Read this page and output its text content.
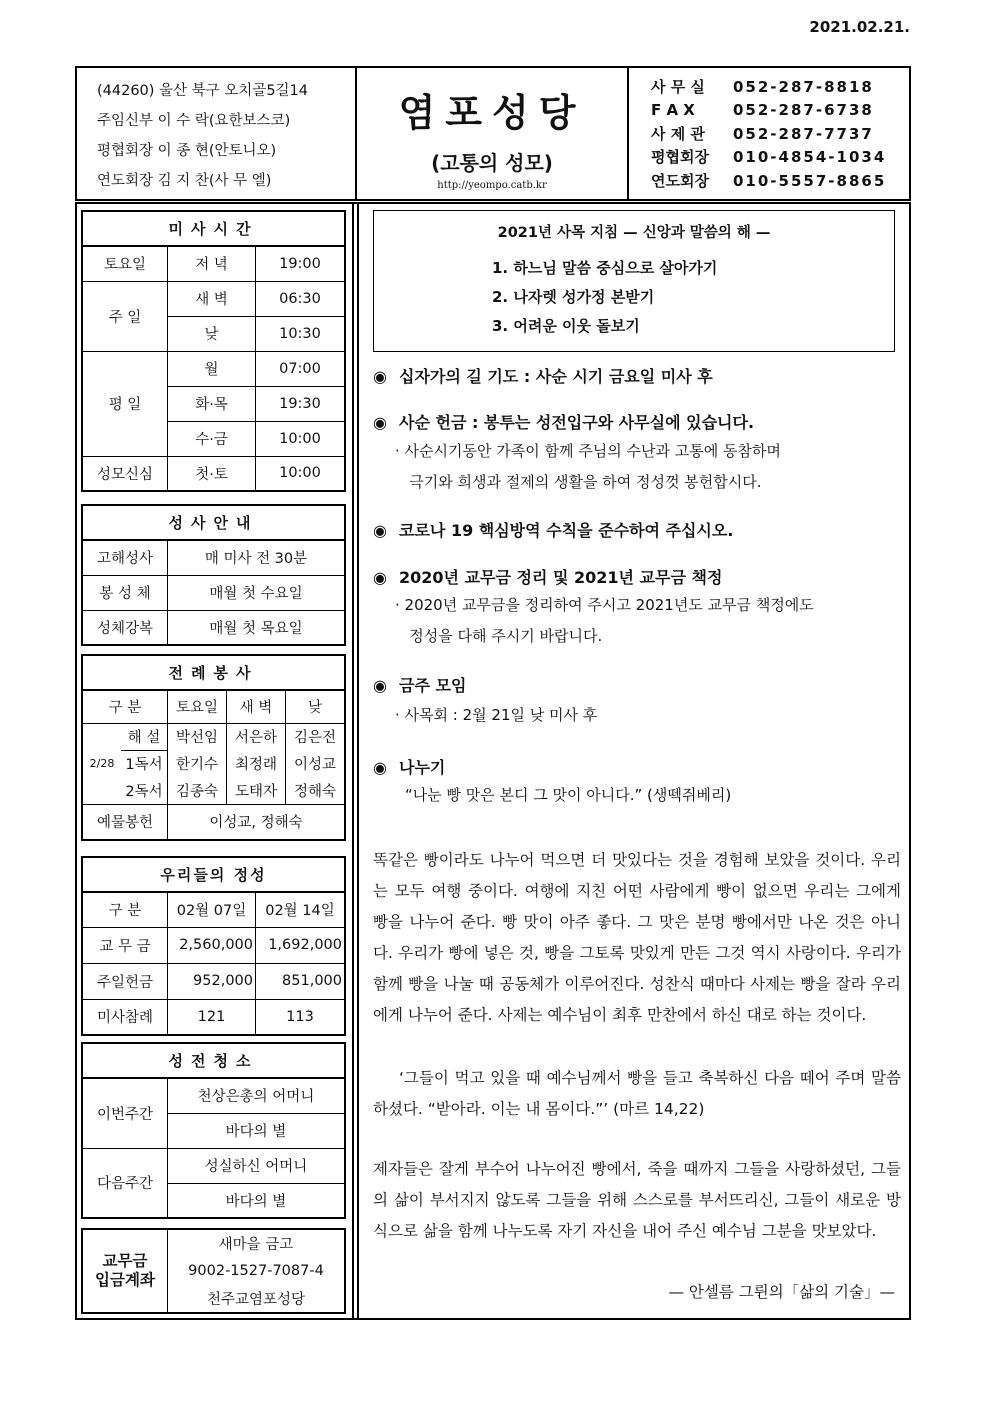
2021.02.21.
(44260) 울산 북구 오치골5길14
주임신부 이 수 락(요한보스코)
평협회장 이 종 현(안토니오)
연도회장 김 지 찬(사 무 엘)
염포성당
(고통의 성모)
http://yeompo.catb.kr
사 무 실 052-287-8818
F A X	052-287-6738
사 제 관 052-287-7737
평협회장 010-4854-1034
연도회장 010-5557-8865
미사시간		
토요일	저 녁	19:00
주 일	새 벽	06:30
	낮	10:30
평 일	월	07:00
	화·목	19:30
	수·금	10:00
성모신심	첫·토	10:00
성사안내	
고해성사	매 미사 전 30분
봉 성 체	매월 첫 수요일
성체강복	매월 첫 목요일
전례봉사				
구 분		토요일	새 벽	낮
2/28	해 설	박선임	서은하	김은전
	1독서	한기수	최정래	이성교
	2독서	김종숙	도태자	정해숙
예물봉헌		이성교, 정해숙		
우리들의 정성		
구 분	02월 07일	02월 14일
교 무 금	2,560,000	1,692,000
주일헌금	952,000	851,000
미사참례	121	113
성전청소	
이번주간	천상은총의 어머니
	바다의 별
다음주간	성실하신 어머니
	바다의 별
교무금
입금계좌	새마을 금고
9002-1527-7087-4
천주교염포성당
2021년 사목 지침 — 신앙과 말씀의 해 —
1. 하느님 말씀 중심으로 살아가기
2. 나자렛 성가정 본받기
3. 어려운 이웃 돌보기
◉ 십자가의 길 기도 : 사순 시기 금요일 미사 후
◉ 사순 헌금 : 봉투는 성전입구와 사무실에 있습니다.
· 사순시기동안 가족이 함께 주님의 수난과 고통에 동참하며
극기와 희생과 절제의 생활을 하여 정성껏 봉헌합시다.
◉ 코로나 19 핵심방역 수칙을 준수하여 주십시오.
◉ 2020년 교무금 정리 및 2021년 교무금 책정
· 2020년 교무금을 정리하여 주시고 2021년도 교무금 책정에도
정성을 다해 주시기 바랍니다.
◉ 금주 모임
· 사목회 : 2월 21일 낮 미사 후
◉ 나누기
“나눈 빵 맛은 본디 그 맛이 아니다.” (생떽쥐베리)
똑같은 빵이라도 나누어 먹으면 더 맛있다는 것을 경험해 보았을 것이다. 우리는 모두 여행 중이다. 여행에 지친 어떤 사람에게 빵이 없으면 우리는 그에게 빵을 나누어 준다. 빵 맛이 아주 좋다. 그 맛은 분명 빵에서만 나온 것은 아니다. 우리가 빵에 넣은 것, 빵을 그토록 맛있게 만든 그것 역시 사랑이다. 우리가 함께 빵을 나눌 때 공동체가 이루어진다. 성찬식 때마다 사제는 빵을 잘라 우리에게 나누어 준다. 사제는 예수님이 최후 만찬에서 하신 대로 하는 것이다.
‘그들이 먹고 있을 때 예수님께서 빵을 들고 축복하신 다음 떼어 주며 말씀하셨다. “받아라. 이는 내 몸이다.”’ (마르 14,22)
제자들은 잘게 부수어 나누어진 빵에서, 죽을 때까지 그들을 사랑하셨던, 그들의 삶이 부서지지 않도록 그들을 위해 스스로를 부서뜨리신, 그들이 새로운 방식으로 삶을 함께 나누도록 자기 자신을 내어 주신 예수님 그분을 맛보았다.
— 안셀름 그륀의「삶의 기술」—
